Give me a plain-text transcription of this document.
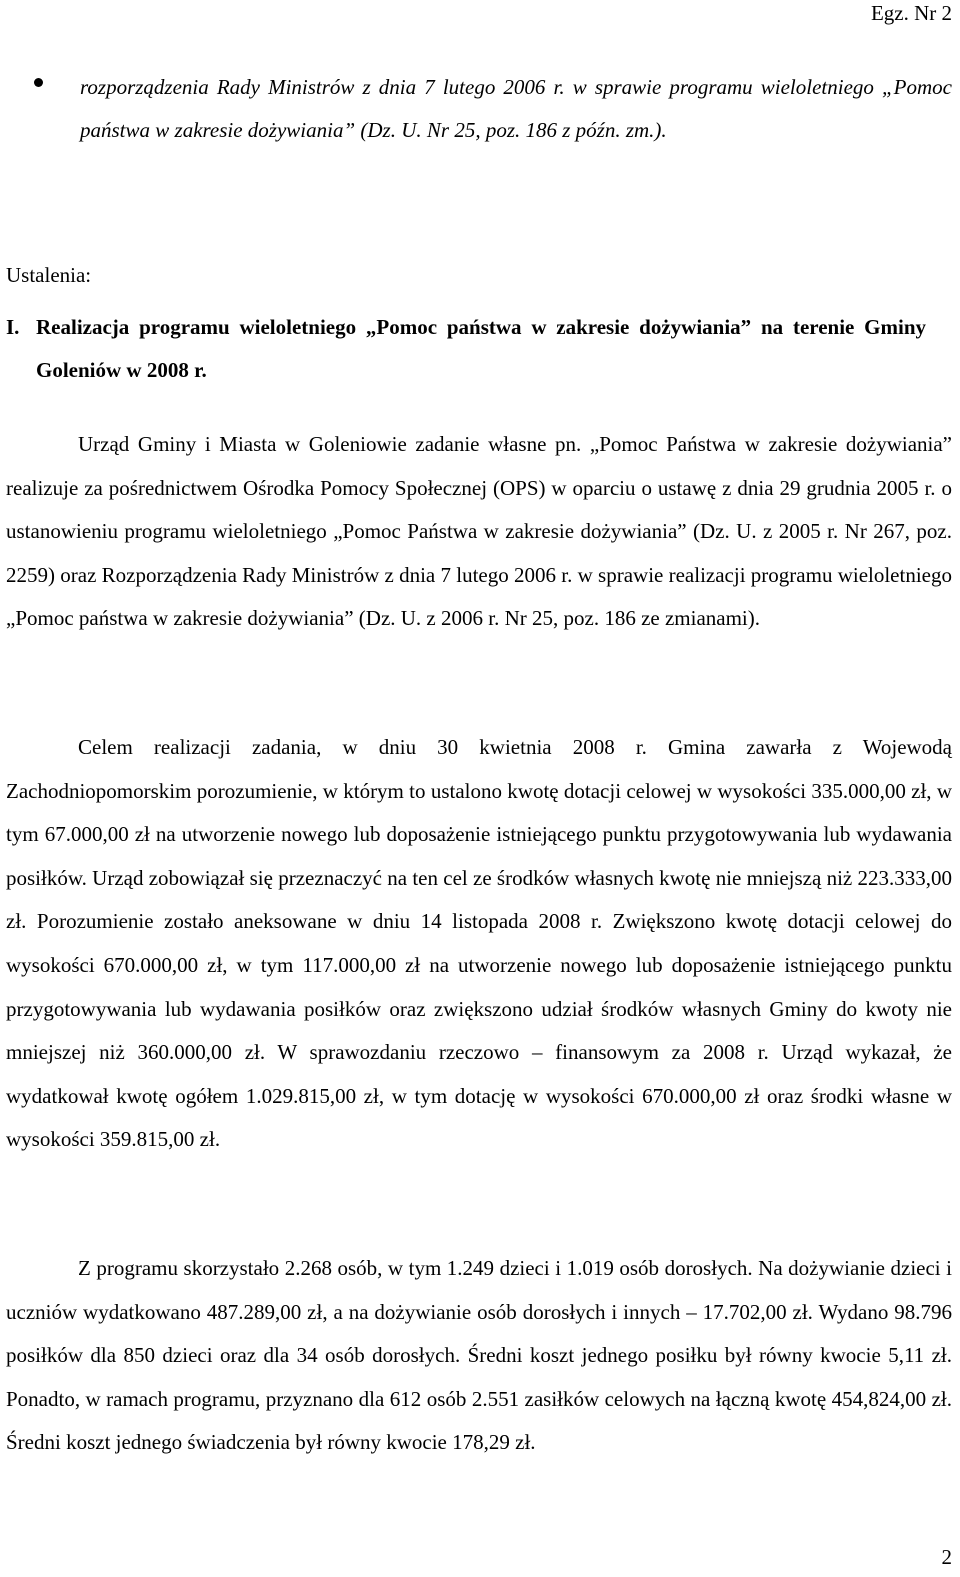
Egz. Nr 2
rozporządzenia Rady Ministrów z dnia 7 lutego 2006 r. w sprawie programu wieloletniego „Pomoc państwa w zakresie dożywiania” (Dz. U. Nr 25, poz. 186 z późn. zm.).
Ustalenia:
I. Realizacja programu wieloletniego „Pomoc państwa w zakresie dożywiania” na terenie Gminy Goleniów w 2008 r.

Urząd Gminy i Miasta w Goleniowie zadanie własne pn. „Pomoc Państwa w zakresie dożywiania” realizuje za pośrednictwem Ośrodka Pomocy Społecznej (OPS) w oparciu o ustawę z dnia 29 grudnia 2005 r. o ustanowieniu programu wieloletniego „Pomoc Państwa w zakresie dożywiania” (Dz. U. z 2005 r. Nr 267, poz. 2259) oraz Rozporządzenia Rady Ministrów z dnia 7 lutego 2006 r. w sprawie realizacji programu wieloletniego „Pomoc państwa w zakresie dożywiania” (Dz. U. z 2006 r. Nr 25, poz. 186 ze zmianami).

Celem realizacji zadania, w dniu 30 kwietnia 2008 r. Gmina zawarła z Wojewodą Zachodniopomorskim porozumienie, w którym to ustalono kwotę dotacji celowej w wysokości 335.000,00 zł, w tym 67.000,00 zł na utworzenie nowego lub doposażenie istniejącego punktu przygotowywania lub wydawania posiłków. Urząd zobowiązał się przeznaczyć na ten cel ze środków własnych kwotę nie mniejszą niż 223.333,00 zł. Porozumienie zostało aneksowane w dniu 14 listopada 2008 r. Zwiększono kwotę dotacji celowej do wysokości 670.000,00 zł, w tym 117.000,00 zł na utworzenie nowego lub doposażenie istniejącego punktu przygotowywania lub wydawania posiłków oraz zwiększono udział środków własnych Gminy do kwoty nie mniejszej niż 360.000,00 zł. W sprawozdaniu rzeczowo – finansowym za 2008 r. Urząd wykazał, że wydatkował kwotę ogółem 1.029.815,00 zł, w tym dotację w wysokości 670.000,00 zł oraz środki własne w wysokości 359.815,00 zł.

Z programu skorzystało 2.268 osób, w tym 1.249 dzieci i 1.019 osób dorosłych. Na dożywianie dzieci i uczniów wydatkowano 487.289,00 zł, a na dożywianie osób dorosłych i innych – 17.702,00 zł. Wydano 98.796 posiłków dla 850 dzieci oraz dla 34 osób dorosłych. Średni koszt jednego posiłku był równy kwocie 5,11 zł. Ponadto, w ramach programu, przyznano dla 612 osób 2.551 zasiłków celowych na łączną kwotę 454,824,00 zł. Średni koszt jednego świadczenia był równy kwocie 178,29 zł.

2
